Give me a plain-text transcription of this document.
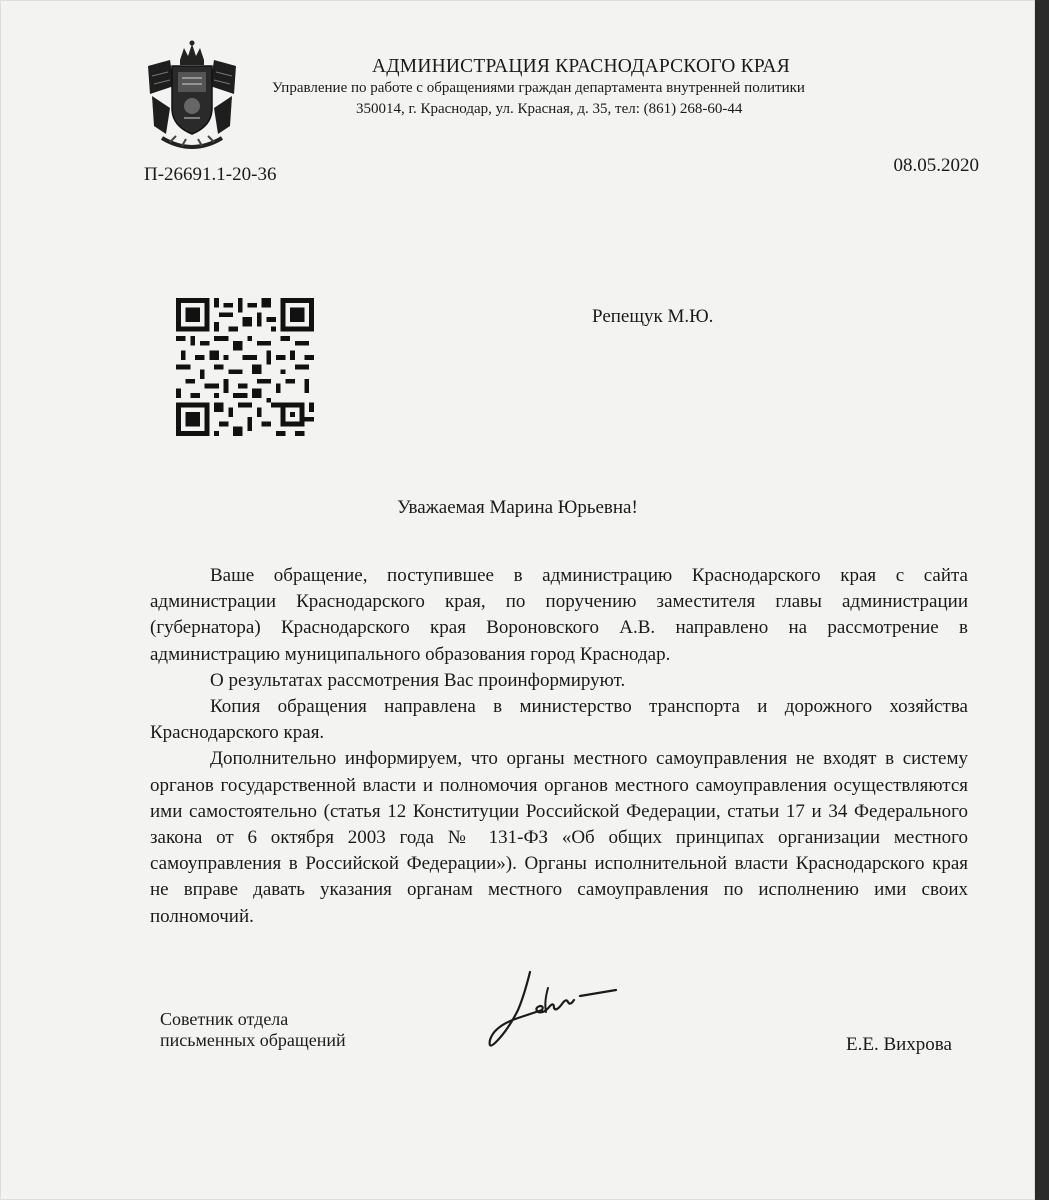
АДМИНИСТРАЦИЯ КРАСНОДАРСКОГО КРАЯ
Управление по работе с обращениями граждан департамента внутренней политики
350014, г. Краснодар, ул. Красная, д. 35, тел: (861) 268-60-44
П-26691.1-20-36	08.05.2020
Репещук М.Ю.
Уважаемая Марина Юрьевна!

Ваше обращение, поступившее в администрацию Краснодарского края с сайта администрации Краснодарского края, по поручению заместителя главы администрации (губернатора) Краснодарского края Вороновского А.В. направлено на рассмотрение в администрацию муниципального образования город Краснодар.

О результатах рассмотрения Вас проинформируют.

Копия обращения направлена в министерство транспорта и дорожного хозяйства Краснодарского края.

Дополнительно информируем, что органы местного самоуправления не входят в систему органов государственной власти и полномочия органов местного самоуправления осуществляются ими самостоятельно (статья 12 Конституции Российской Федерации, статьи 17 и 34 Федерального закона от 6 октября 2003 года № 131-ФЗ «Об общих принципах организации местного самоуправления в Российской Федерации»). Органы исполнительной власти Краснодарского края не вправе давать указания органам местного самоуправления по исполнению ими своих полномочий.

Советник отдела
письменных обращений	Е.Е. Вихрова
